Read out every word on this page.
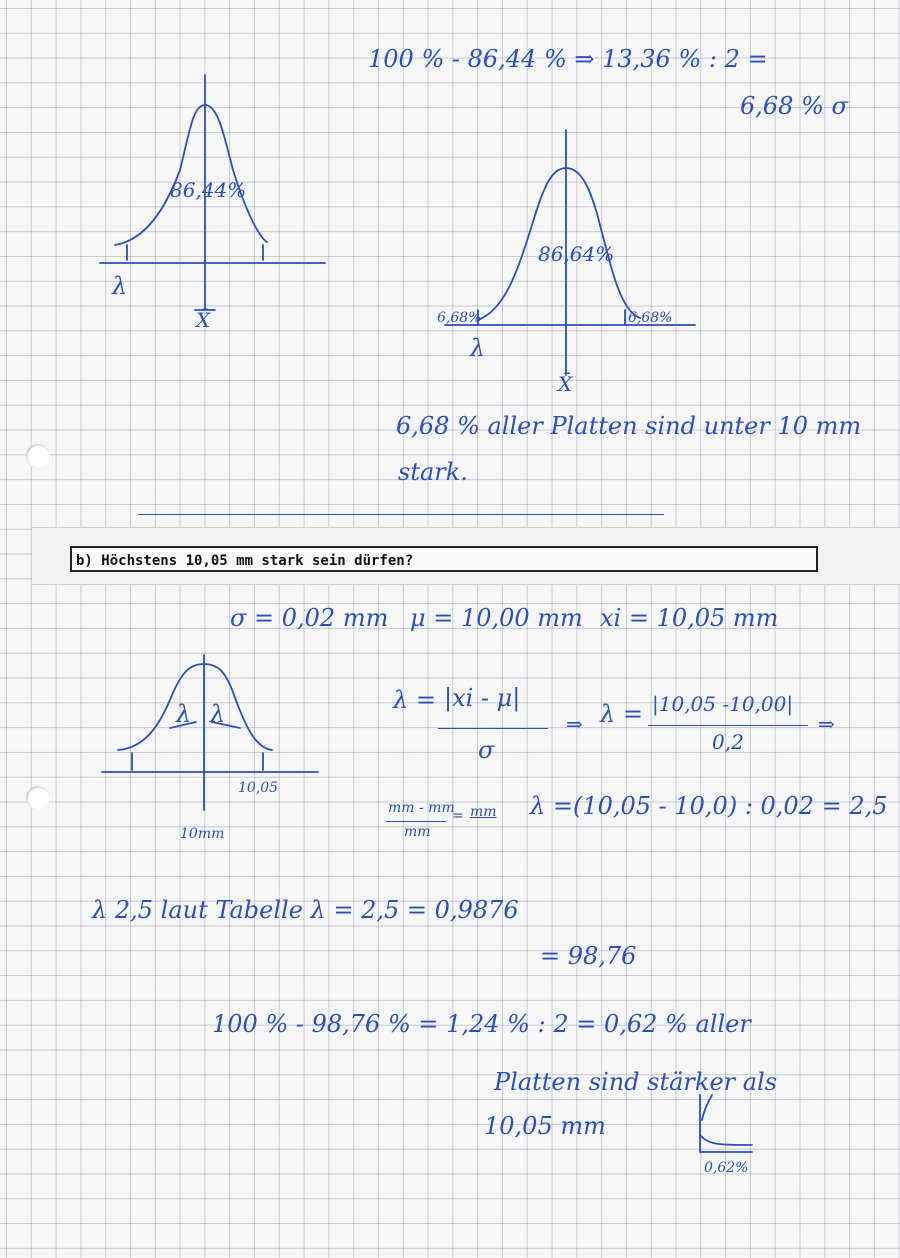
100 % - 86,44 % ⇒ 13,36 % : 2 =
6,68 % σ
86,44%
λ
X̄
86,64%
6,68%	6,68%
λ
X̄
6,68 % aller Platten sind unter 10 mm
stark.
b) Höchstens 10,05 mm stark sein dürfen?
σ = 0,02 mm μ = 10,00 mm xi = 10,05 mm
λ λ
10,05
10mm
λ = |xi - μ|
σ
⇒ λ = |10,05 -10,00|
0,2
⇒
mm - mm
mm
= mm λ =(10,05 - 10,0) : 0,02 = 2,5
λ 2,5 laut Tabelle λ = 2,5 = 0,9876
= 98,76
100 % - 98,76 % = 1,24 % : 2 = 0,62 % aller
Platten sind stärker als
10,05 mm
0,62%
